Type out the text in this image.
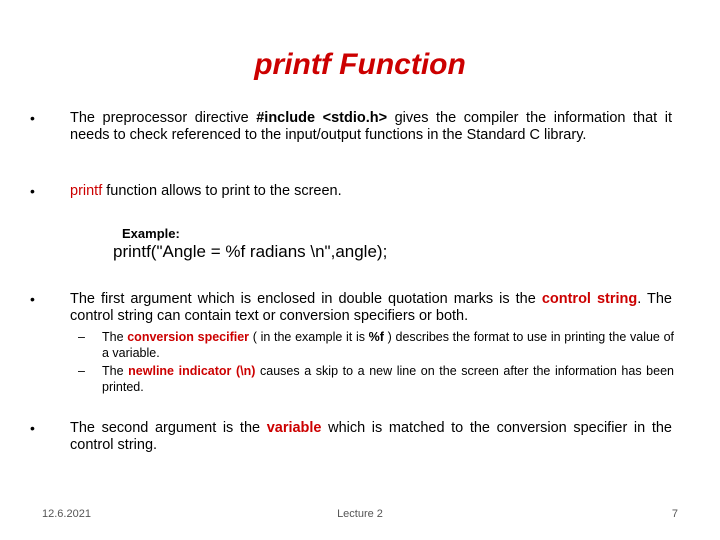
printf Function
• The preprocessor directive #include <stdio.h> gives the compiler the information that it needs to check referenced to the input/output functions in the Standard C library.
• printf function allows to print to the screen.
Example:
printf("Angle = %f radians \n",angle);
• The first argument which is enclosed in double quotation marks is the control string. The control string can contain text or conversion specifiers or both.
–	The conversion specifier ( in the example it is %f ) describes the format to use in printing the value of a variable.
–	The newline indicator (\n) causes a skip to a new line on the screen after the information has been printed.
• The second argument is the variable which is matched to the conversion specifier in the control string.
12.6.2021	Lecture 2	7
